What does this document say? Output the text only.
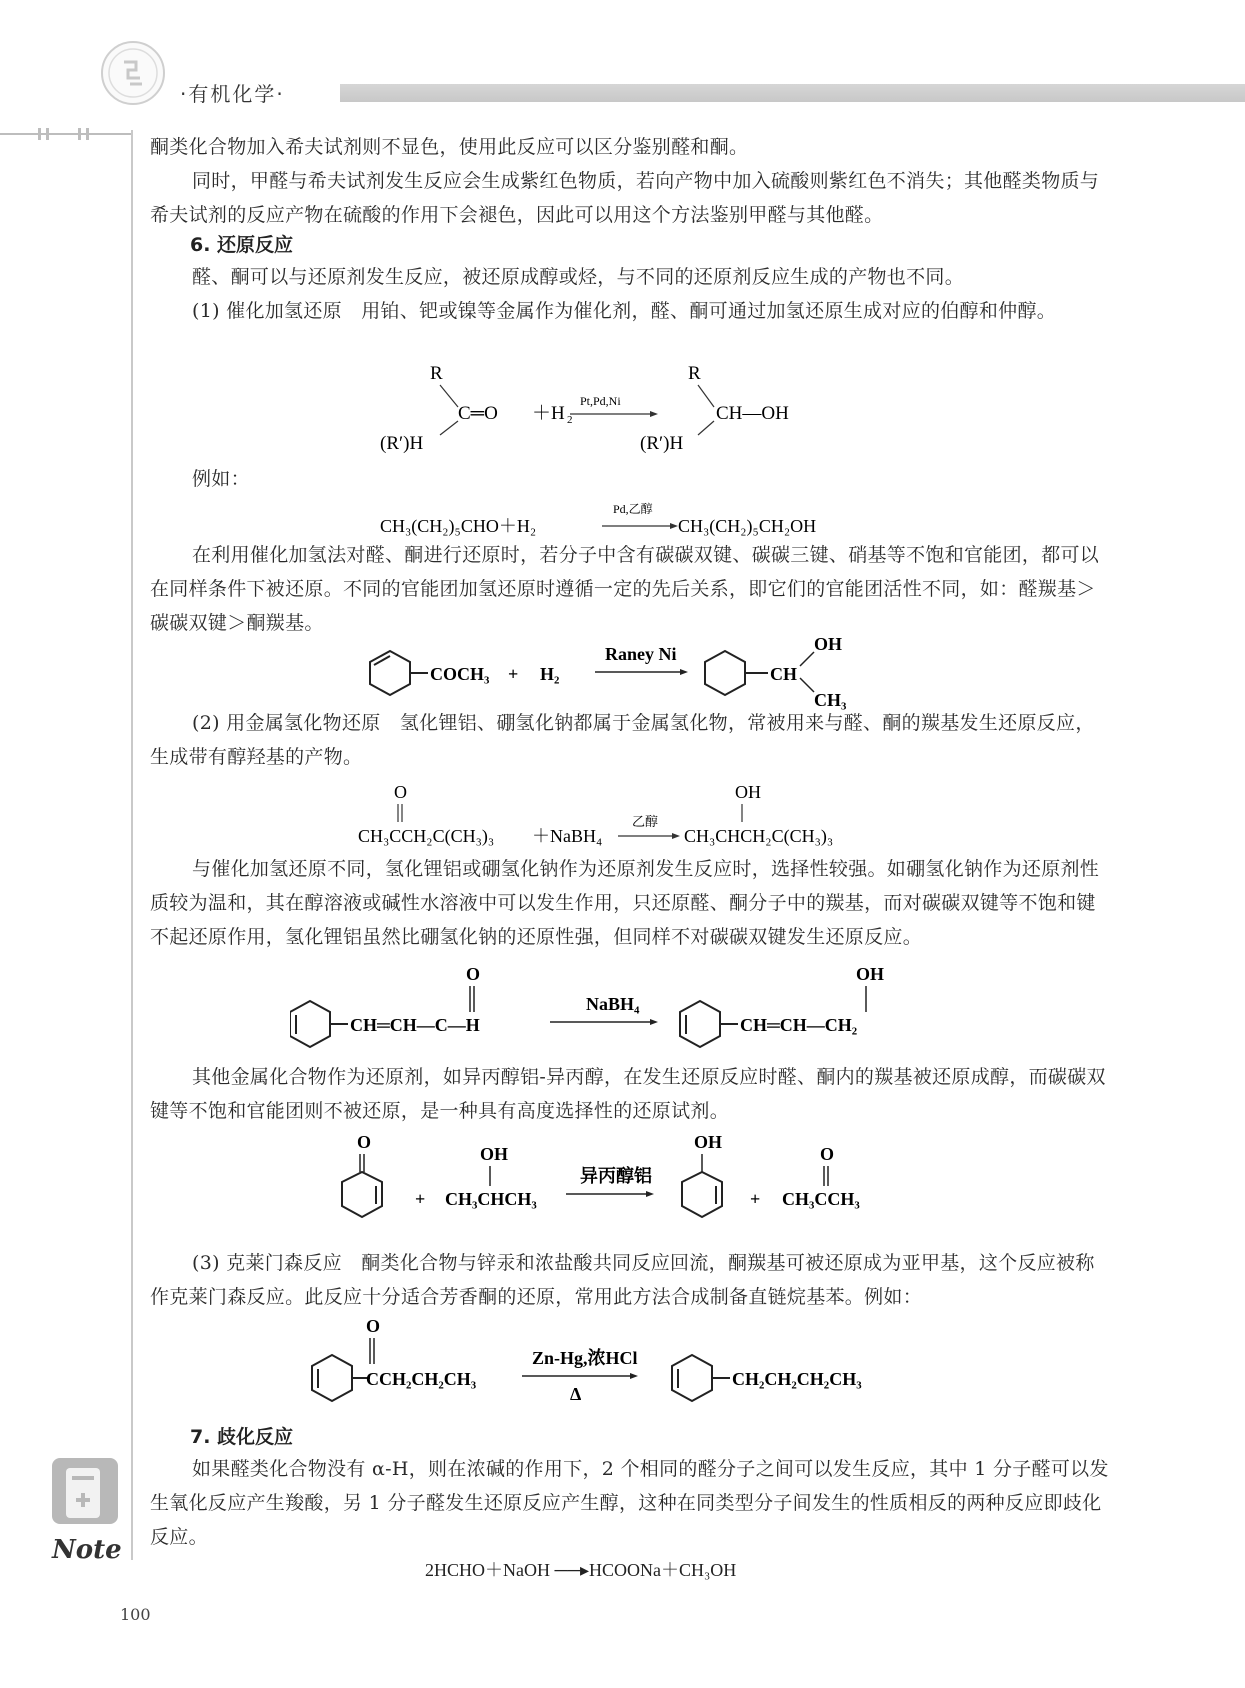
·有机化学·

酮类化合物加入希夫试剂则不显色，使用此反应可以区分鉴别醛和酮。

同时，甲醛与希夫试剂发生反应会生成紫红色物质，若向产物中加入硫酸则紫红色不消失；其他醛类物质与希夫试剂的反应产物在硫酸的作用下会褪色，因此可以用这个方法鉴别甲醛与其他醛。

6. 还原反应

醛、酮可以与还原剂发生反应，被还原成醇或烃，与不同的还原剂反应生成的产物也不同。

(1) 催化加氢还原　用铂、钯或镍等金属作为催化剂，醛、酮可通过加氢还原生成对应的伯醇和仲醇。

R
C═O
(R′)H
＋H 2
Pt,Pd,Ni
R
CH—OH
(R′)H

例如：

CH₃(CH₂)₅CHO＋H₂
Pd,乙醇
CH₃(CH₂)₅CH₂OH

在利用催化加氢法对醛、酮进行还原时，若分子中含有碳碳双键、碳碳三键、硝基等不饱和官能团，都可以在同样条件下被还原。不同的官能团加氢还原时遵循一定的先后关系，即它们的官能团活性不同，如：醛羰基＞碳碳双键＞酮羰基。

COCH₃ + H₂
Raney Ni
CH
OH
CH₃

(2) 用金属氢化物还原　氢化锂铝、硼氢化钠都属于金属氢化物，常被用来与醛、酮的羰基发生还原反应，生成带有醇羟基的产物。

O
CH₃CCH₂C(CH₃)₃ ＋NaBH₄
乙醇
OH
CH₃CHCH₂C(CH₃)₃

与催化加氢还原不同，氢化锂铝或硼氢化钠作为还原剂发生反应时，选择性较强。如硼氢化钠作为还原剂性质较为温和，其在醇溶液或碱性水溶液中可以发生作用，只还原醛、酮分子中的羰基，而对碳碳双键等不饱和键不起还原作用，氢化锂铝虽然比硼氢化钠的还原性强，但同样不对碳碳双键发生还原反应。

CH═CH—C—H
O
NaBH₄
CH═CH—CH₂
OH

其他金属化合物作为还原剂，如异丙醇铝-异丙醇，在发生还原反应时醛、酮内的羰基被还原成醇，而碳碳双键等不饱和官能团则不被还原，是一种具有高度选择性的还原试剂。

O
+
OH
CH₃CHCH₃
异丙醇铝
OH
+
O
CH₃CCH₃

(3) 克莱门森反应　酮类化合物与锌汞和浓盐酸共同反应回流，酮羰基可被还原成为亚甲基，这个反应被称作克莱门森反应。此反应十分适合芳香酮的还原，常用此方法合成制备直链烷基苯。例如：

O
CCH₂CH₂CH₃
Zn-Hg,浓HCl
Δ
CH₂CH₂CH₂CH₃
7. 歧化反应

如果醛类化合物没有 α-H，则在浓碱的作用下，2 个相同的醛分子之间可以发生反应，其中 1 分子醛可以发生氧化反应产生羧酸，另 1 分子醛发生还原反应产生醇，这种在同类型分子间发生的性质相反的两种反应即歧化反应。

2HCHO＋NaOH ──▸HCOONa＋CH₃OH
Note
100
